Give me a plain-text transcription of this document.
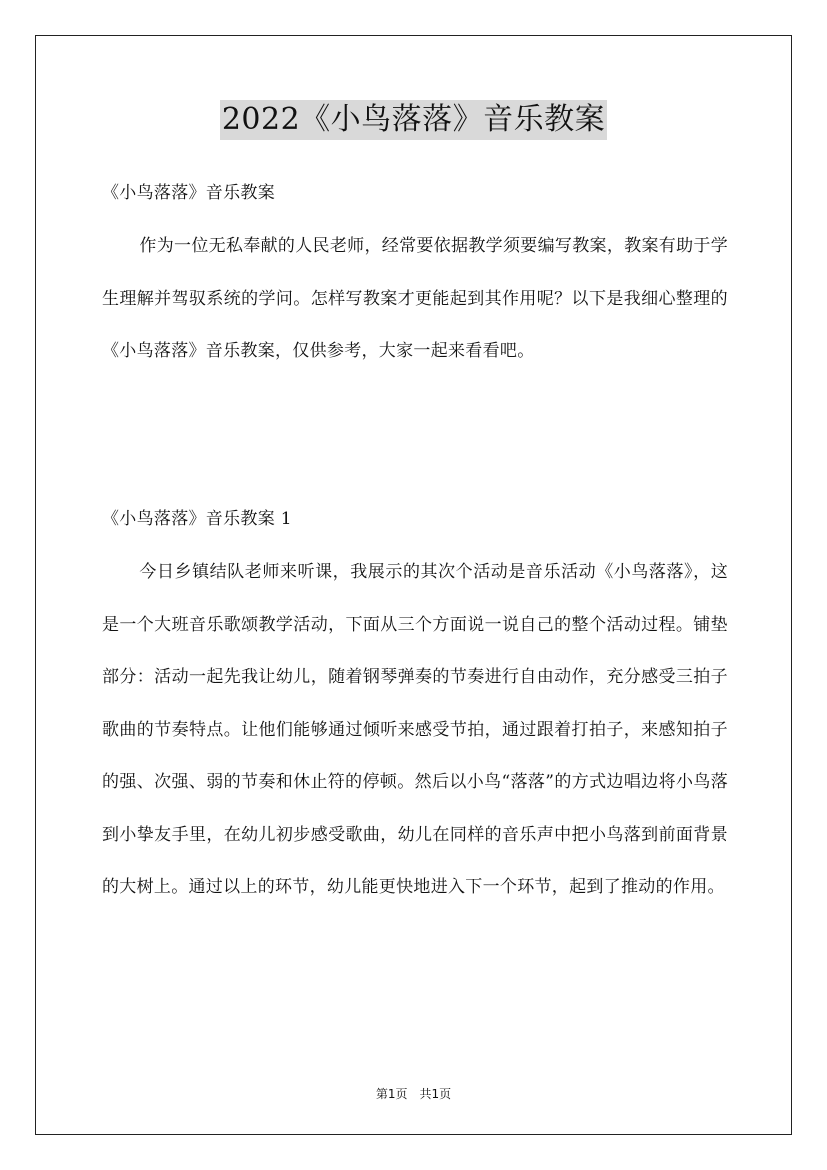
2022《小鸟落落》音乐教案
《小鸟落落》音乐教案

作为一位无私奉献的人民老师，经常要依据教学须要编写教案，教案有助于学生理解并驾驭系统的学问。怎样写教案才更能起到其作用呢？以下是我细心整理的《小鸟落落》音乐教案，仅供参考，大家一起来看看吧。

《小鸟落落》音乐教案 1

今日乡镇结队老师来听课，我展示的其次个活动是音乐活动《小鸟落落》，这是一个大班音乐歌颂教学活动，下面从三个方面说一说自己的整个活动过程。铺垫部分：活动一起先我让幼儿，随着钢琴弹奏的节奏进行自由动作，充分感受三拍子歌曲的节奏特点。让他们能够通过倾听来感受节拍，通过跟着打拍子，来感知拍子的强、次强、弱的节奏和休止符的停顿。然后以小鸟“落落”的方式边唱边将小鸟落到小挚友手里，在幼儿初步感受歌曲，幼儿在同样的音乐声中把小鸟落到前面背景的大树上。通过以上的环节，幼儿能更快地进入下一个环节，起到了推动的作用。

第1页　共1页
